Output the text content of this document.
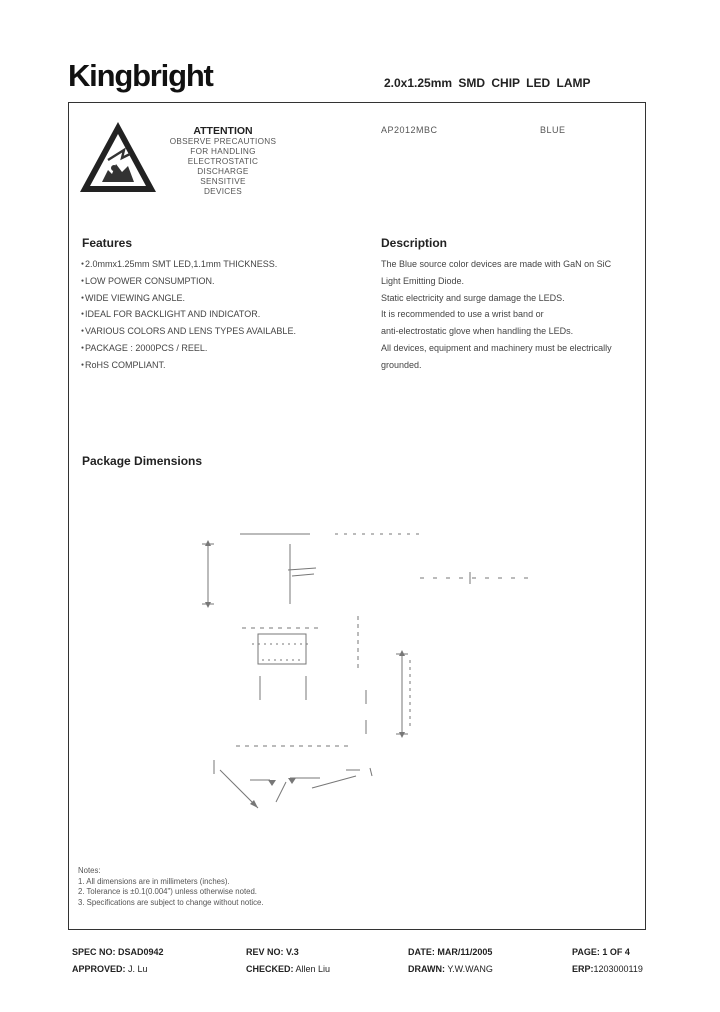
Kingbright	2.0x1.25mm SMD CHIP LED LAMP
ATTENTION
OBSERVE PRECAUTIONS
FOR HANDLING
ELECTROSTATIC
DISCHARGE
SENSITIVE
DEVICES
AP2012MBC	BLUE
Features
● 2.0mmx1.25mm SMT LED,1.1mm THICKNESS.
● LOW POWER CONSUMPTION.
● WIDE VIEWING ANGLE.
● IDEAL FOR BACKLIGHT AND INDICATOR.
● VARIOUS COLORS AND LENS TYPES AVAILABLE.
● PACKAGE : 2000PCS / REEL.
● RoHS COMPLIANT.
Description
The Blue source color devices are made with GaN on SiC
Light Emitting Diode.
Static electricity and surge damage the LEDS.
It is recommended to use a wrist band or
anti-electrostatic glove when handling the LEDs.
All devices, equipment and machinery must be electrically
grounded.
Package Dimensions
Notes:
1. All dimensions are in millimeters (inches).
2. Tolerance is ±0.1(0.004") unless otherwise noted.
3. Specifications are subject to change without notice.
SPEC NO: DSAD0942	REV NO: V.3	DATE: MAR/11/2005	PAGE: 1 OF 4
APPROVED: J. Lu	CHECKED: Allen Liu	DRAWN: Y.W.WANG	ERP:1203000119
